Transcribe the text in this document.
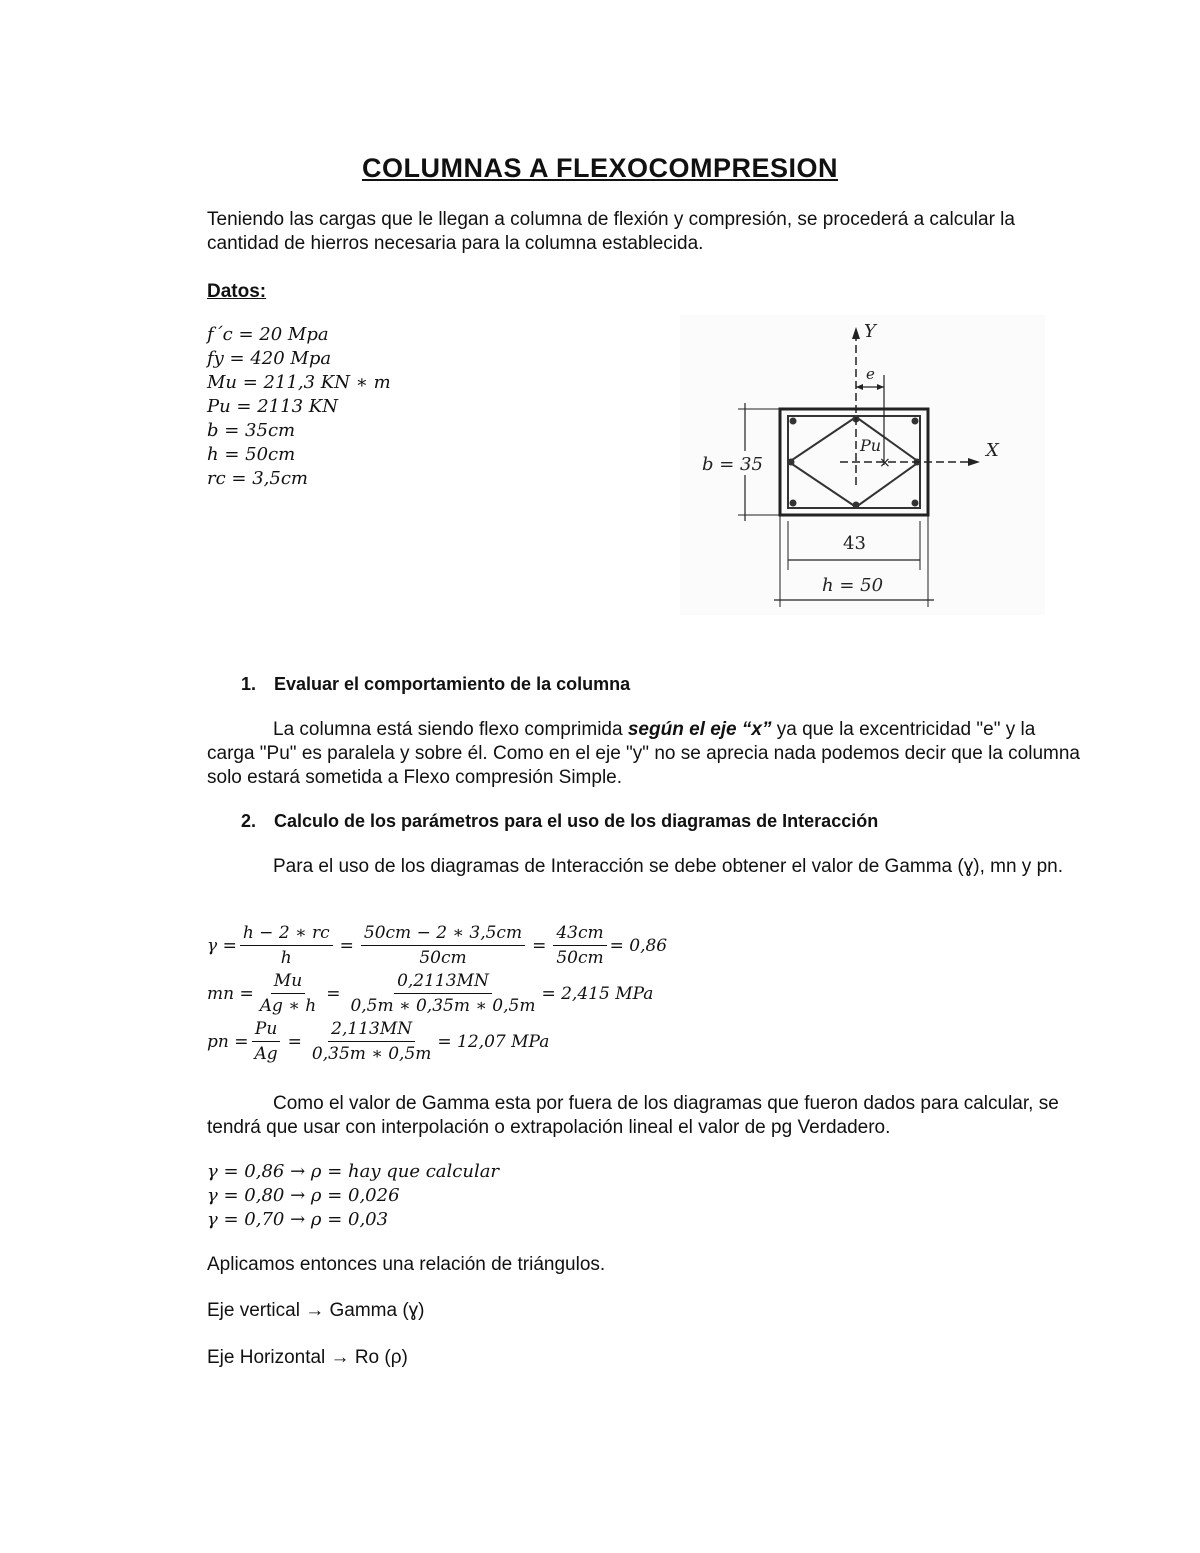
COLUMNAS A FLEXOCOMPRESION
Teniendo las cargas que le llegan a columna de flexión y compresión, se procederá a calcular la cantidad de hierros necesaria para la columna establecida.
Datos:
f´c = 20 Mpa
fy = 420 Mpa
Mu = 211,3 KN ∗ m
Pu = 2113 KN
b = 35cm
h = 50cm
rc = 3,5cm
Y
X
e
Pu
×
b = 35
43
h = 50
1. Evaluar el comportamiento de la columna
La columna está siendo flexo comprimida según el eje “x” ya que la excentricidad "e" y la carga "Pu" es paralela y sobre él. Como en el eje "y" no se aprecia nada podemos decir que la columna solo estará sometida a Flexo compresión Simple.
2. Calculo de los parámetros para el uso de los diagramas de Interacción
Para el uso de los diagramas de Interacción se debe obtener el valor de Gamma (ɣ), mn y pn.
$\gamma = \frac{h - 2 ∗ rc}{h} = \frac{50cm - 2 ∗ 3,5cm}{50cm} = \frac{43cm}{50cm} = 0,86$
mn = $\frac{Mu}{Ag ∗ h} = \frac{0,2113MN}{0,5m ∗ 0,35m ∗ 0,5m} = 2,415$ MPa
pn = $\frac{Pu}{Ag} = \frac{2,113MN}{0,35m ∗ 0,5m} = 12,07$ MPa
Como el valor de Gamma esta por fuera de los diagramas que fueron dados para calcular, se tendrá que usar con interpolación o extrapolación lineal el valor de pg Verdadero.
γ = 0,86 → ρ = hay que calcular
γ = 0,80 → ρ = 0,026
γ = 0,70 → ρ = 0,03
Aplicamos entonces una relación de triángulos.
Eje vertical → Gamma (ɣ)
Eje Horizontal → Ro (ρ)
